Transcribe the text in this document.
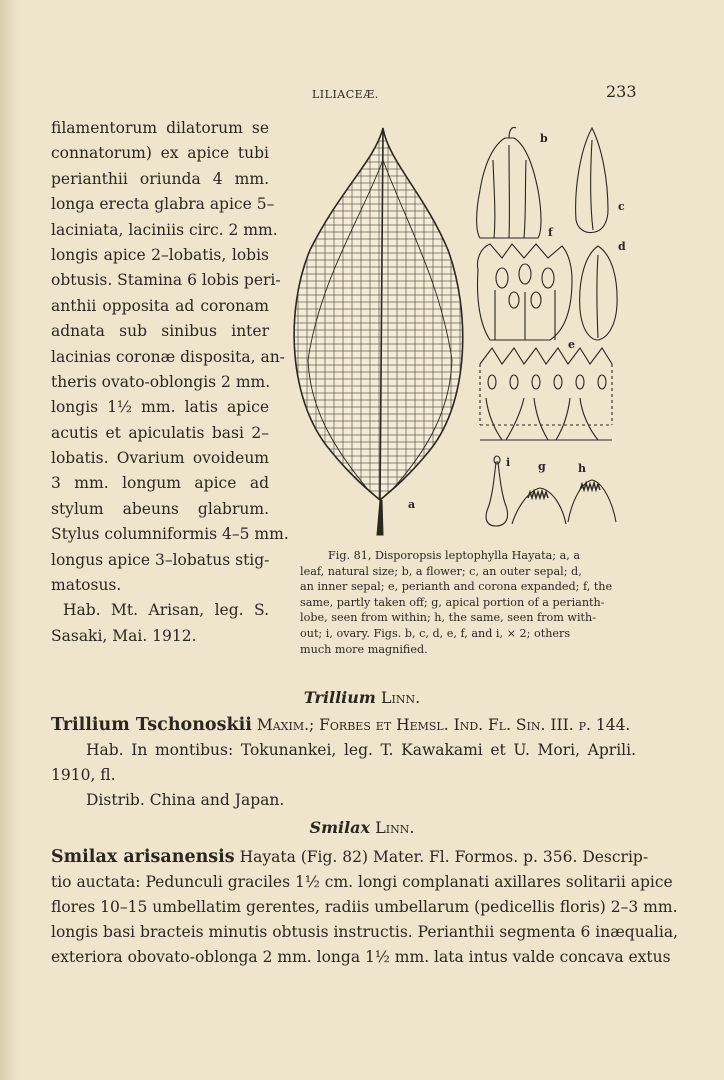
LILIACEÆ.	233
filamentorum dilatorum se
connatorum) ex apice tubi
perianthii oriunda 4 mm.
longa erecta glabra apice 5–
laciniata, laciniis circ. 2 mm.
longis apice 2–lobatis, lobis
obtusis. Stamina 6 lobis peri-
anthii opposita ad coronam
adnata sub sinibus inter
lacinias coronæ disposita, an-
theris ovato-oblongis 2 mm.
longis 1½ mm. latis apice
acutis et apiculatis basi 2–
lobatis. Ovarium ovoideum
3 mm. longum apice ad
stylum abeuns glabrum.
Stylus columniformis 4–5 mm.
longus apice 3–lobatus stig-
matosus.
Hab. Mt. Arisan, leg. S.
Sasaki, Mai. 1912.
a
b
c
d
e
f
g	h
i
Fig. 81, Disporopsis leptophylla Hayata; a, a
leaf, natural size; b, a flower; c, an outer sepal; d,
an inner sepal; e, perianth and corona expanded; f, the
same, partly taken off; g, apical portion of a perianth-
lobe, seen from within; h, the same, seen from with-
out; i, ovary. Figs. b, c, d, e, f, and i, × 2; others
much more magnified.
Trillium Linn.
Trillium Tschonoskii Maxim.; Forbes et Hemsl. Ind. Fl. Sin. III. p. 144.
Hab. In montibus: Tokunankei, leg. T. Kawakami et U. Mori, Aprili.
1910, fl.
Distrib. China and Japan.
Smilax Linn.
Smilax arisanensis Hayata (Fig. 82) Mater. Fl. Formos. p. 356. Descrip-
tio auctata: Pedunculi graciles 1½ cm. longi complanati axillares solitarii apice
flores 10–15 umbellatim gerentes, radiis umbellarum (pedicellis floris) 2–3 mm.
longis basi bracteis minutis obtusis instructis. Perianthii segmenta 6 inæqualia,
exteriora obovato-oblonga 2 mm. longa 1½ mm. lata intus valde concava extus
